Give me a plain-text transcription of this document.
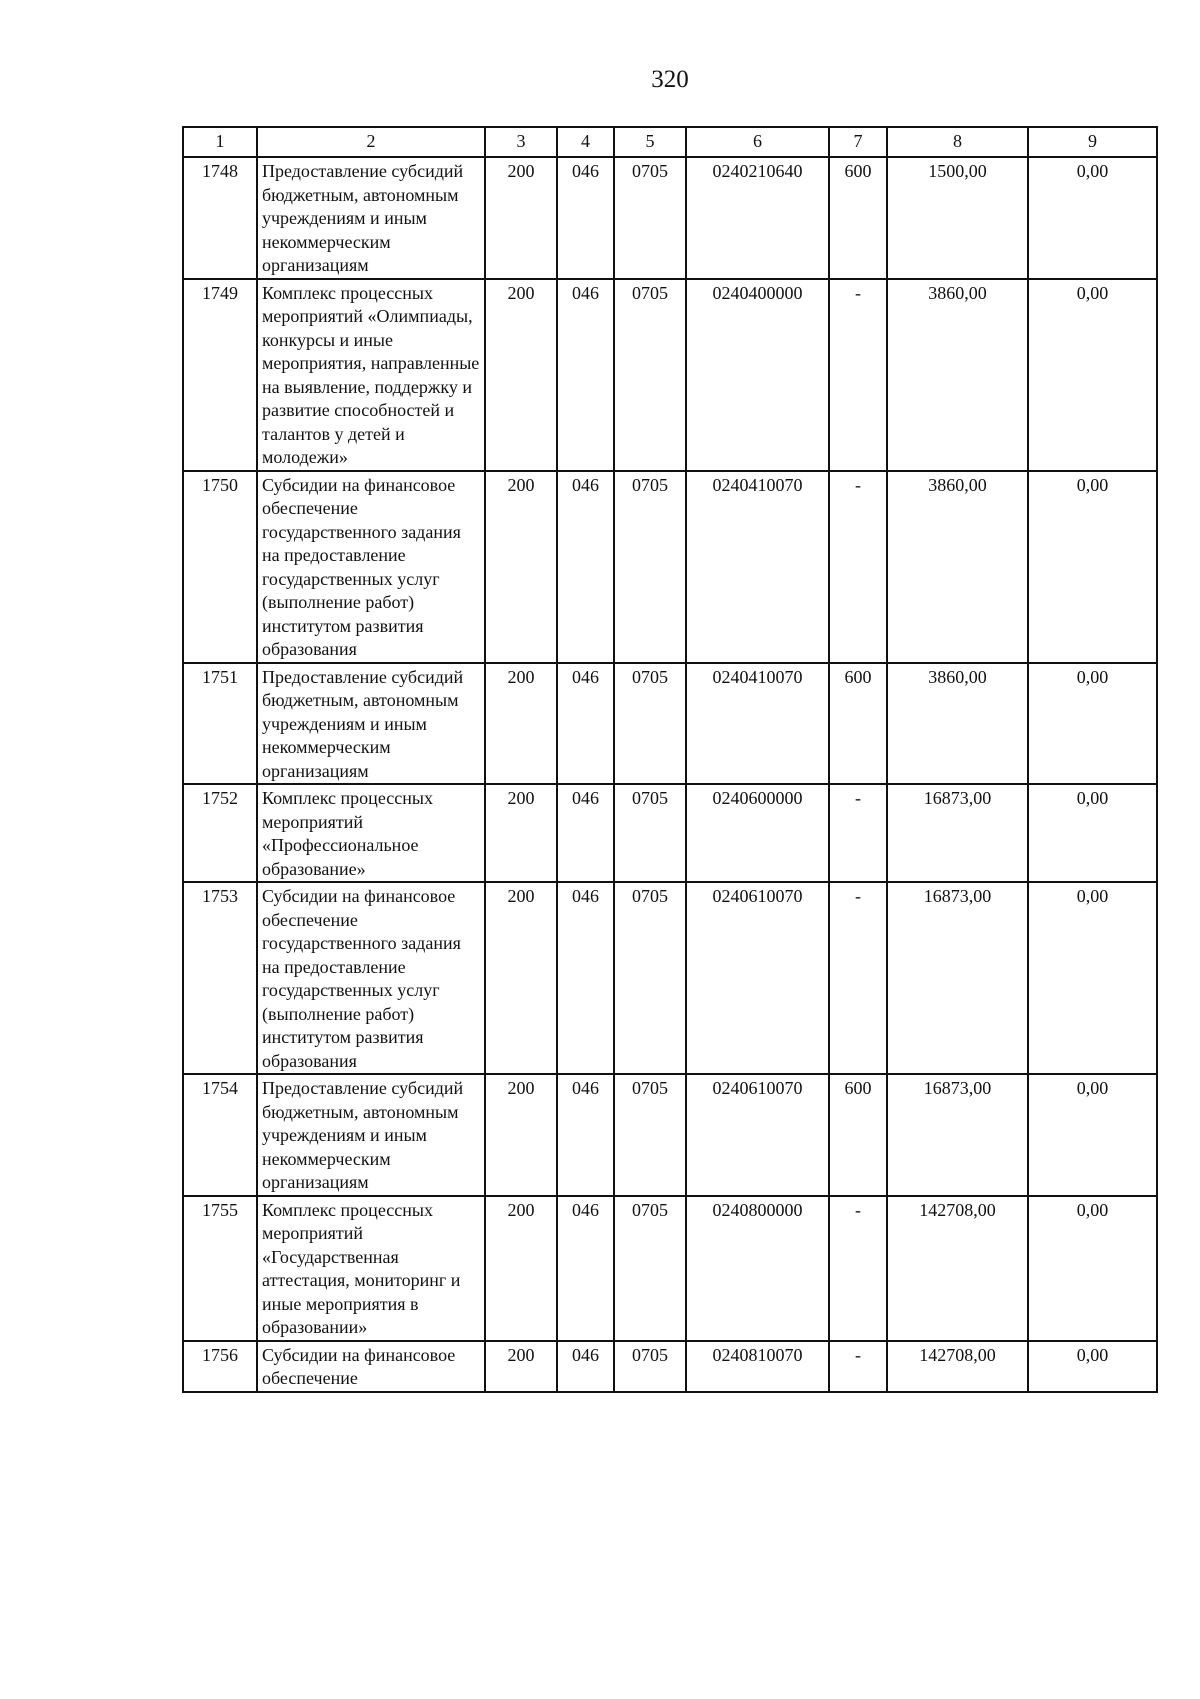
320
1	2	3	4	5	6	7	8	9
1748	Предоставление субсидий бюджетным, автономным учреждениям и иным некоммерческим организациям	200	046	0705	0240210640	600	1500,00	0,00
1749	Комплекс процессных мероприятий «Олимпиады, конкурсы и иные мероприятия, направленные на выявление, поддержку и развитие способностей и талантов у детей и молодежи»	200	046	0705	0240400000	-	3860,00	0,00
1750	Субсидии на финансовое обеспечение государственного задания на предоставление государственных услуг (выполнение работ) институтом развития образования	200	046	0705	0240410070	-	3860,00	0,00
1751	Предоставление субсидий бюджетным, автономным учреждениям и иным некоммерческим организациям	200	046	0705	0240410070	600	3860,00	0,00
1752	Комплекс процессных мероприятий «Профессиональное образование»	200	046	0705	0240600000	-	16873,00	0,00
1753	Субсидии на финансовое обеспечение государственного задания на предоставление государственных услуг (выполнение работ) институтом развития образования	200	046	0705	0240610070	-	16873,00	0,00
1754	Предоставление субсидий бюджетным, автономным учреждениям и иным некоммерческим организациям	200	046	0705	0240610070	600	16873,00	0,00
1755	Комплекс процессных мероприятий «Государственная аттестация, мониторинг и иные мероприятия в образовании»	200	046	0705	0240800000	-	142708,00	0,00
1756	Субсидии на финансовое обеспечение	200	046	0705	0240810070	-	142708,00	0,00
